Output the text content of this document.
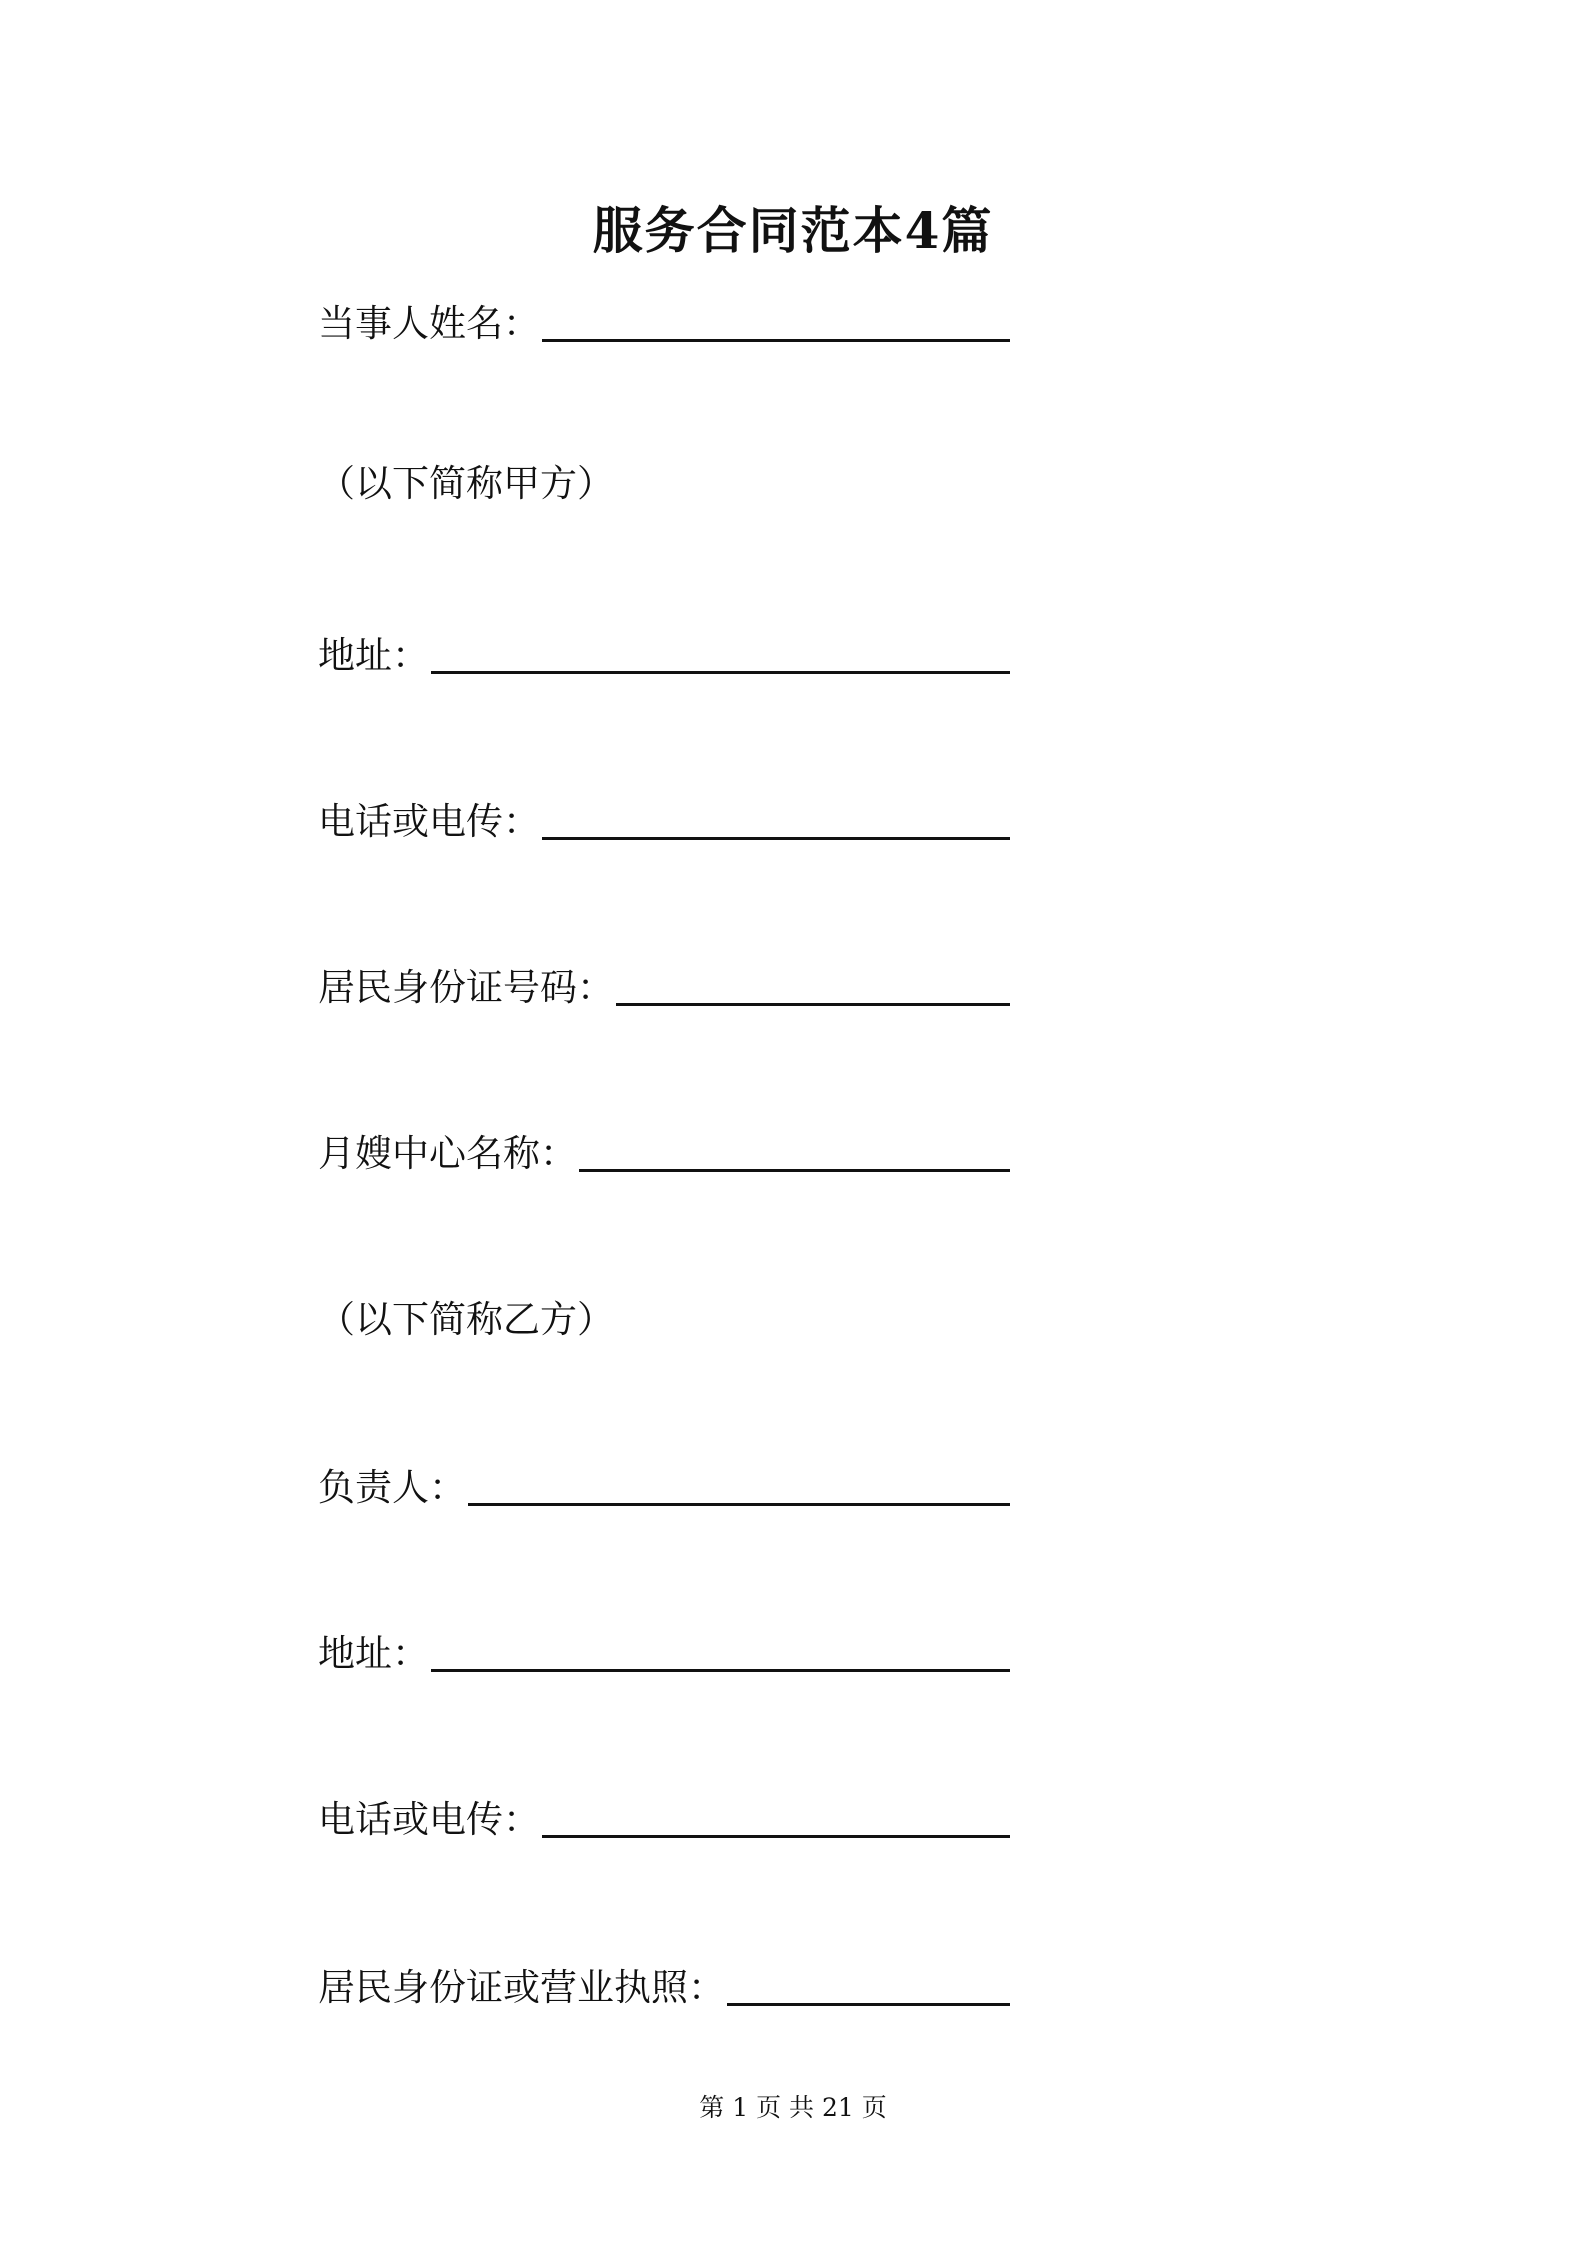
服务合同范本4篇
当事人姓名：
（以下简称甲方）
地址：
电话或电传：
居民身份证号码：
月嫂中心名称：
（以下简称乙方）
负责人：
地址：
电话或电传：
居民身份证或营业执照：
第 1 页 共 21 页
